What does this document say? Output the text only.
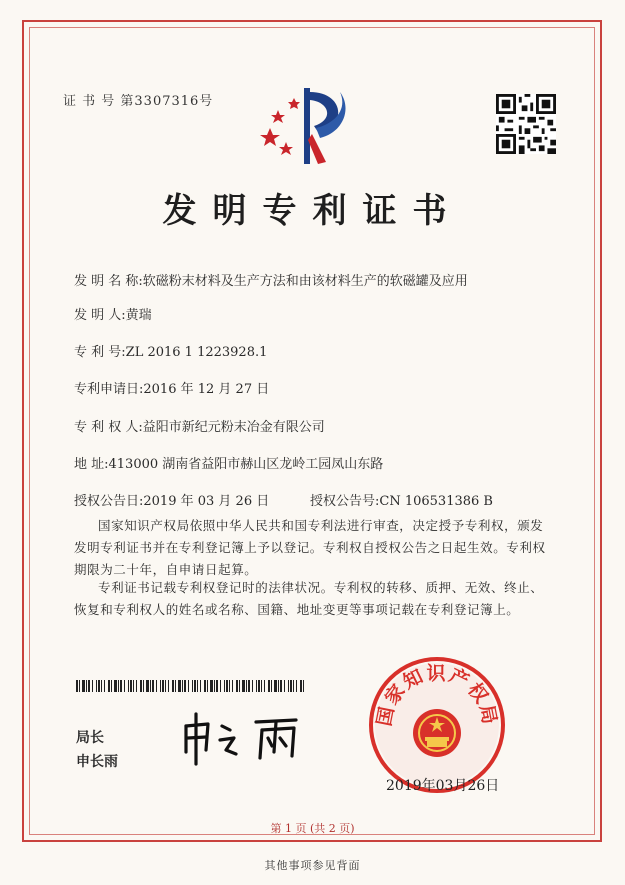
证 书 号 第3307316号
发明专利证书
发 明 名 称:软磁粉末材料及生产方法和由该材料生产的软磁罐及应用
发 明 人:黄瑞
专 利 号:ZL 2016 1 1223928.1
专利申请日:2016 年 12 月 27 日
专 利 权 人:益阳市新纪元粉末冶金有限公司
地 址:413000 湖南省益阳市赫山区龙岭工园凤山东路
授权公告日:2019 年 03 月 26 日	授权公告号:CN 106531386 B
国家知识产权局依照中华人民共和国专利法进行审查，决定授予专利权，颁发发明专利证书并在专利登记簿上予以登记。专利权自授权公告之日起生效。专利权期限为二十年，自申请日起算。
专利证书记载专利权登记时的法律状况。专利权的转移、质押、无效、终止、恢复和专利权人的姓名或名称、国籍、地址变更等事项记载在专利登记簿上。
局长
申长雨
国家知识产权局
2019年03月26日
第 1 页 (共 2 页)
其他事项参见背面
